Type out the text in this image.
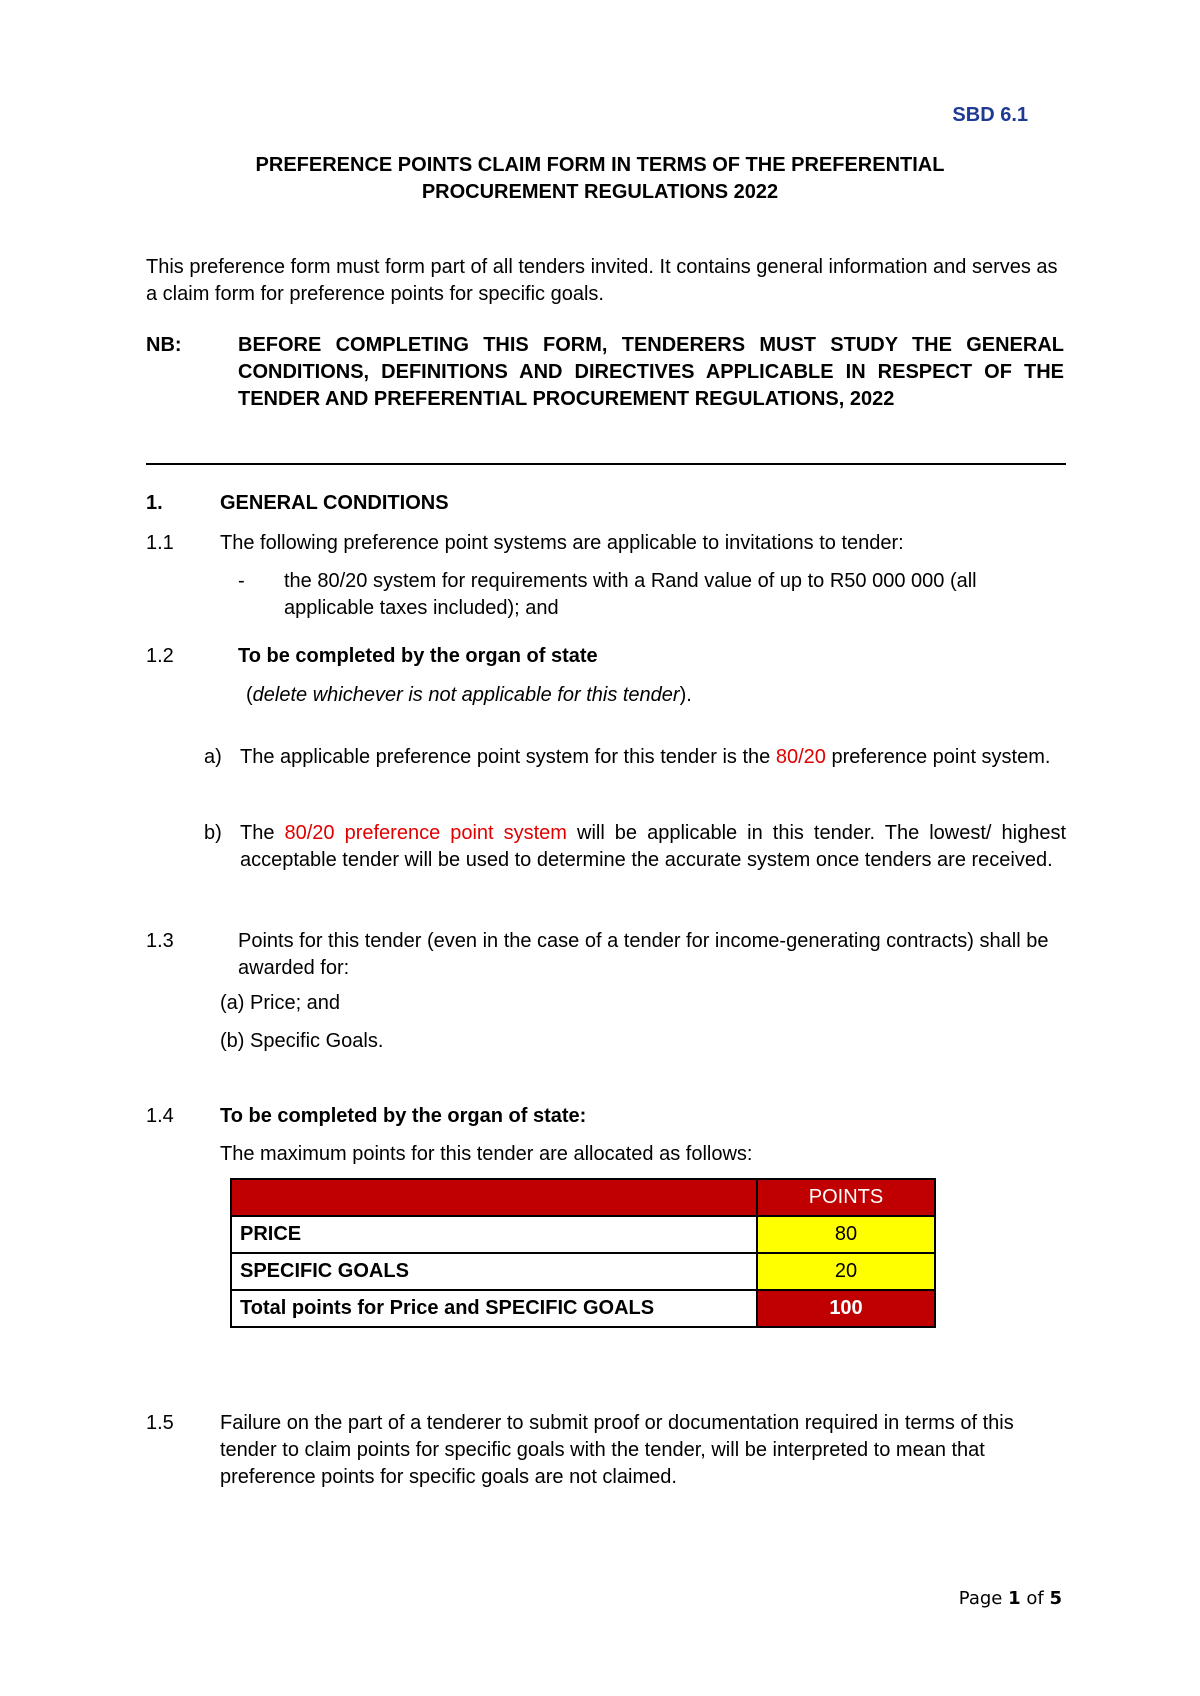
SBD 6.1
PREFERENCE POINTS CLAIM FORM IN TERMS OF THE PREFERENTIAL
PROCUREMENT REGULATIONS 2022
This preference form must form part of all tenders invited. It contains general information and serves as a claim form for preference points for specific goals.
NB:	BEFORE COMPLETING THIS FORM, TENDERERS MUST STUDY THE GENERAL CONDITIONS, DEFINITIONS AND DIRECTIVES APPLICABLE IN RESPECT OF THE TENDER AND PREFERENTIAL PROCUREMENT REGULATIONS, 2022
1.	GENERAL CONDITIONS
1.1 The following preference point systems are applicable to invitations to tender:
- the 80/20 system for requirements with a Rand value of up to R50 000 000 (all applicable taxes included); and
1.2	To be completed by the organ of state
(delete whichever is not applicable for this tender).
a) The applicable preference point system for this tender is the 80/20 preference point system.
b) The 80/20 preference point system will be applicable in this tender. The lowest/ highest acceptable tender will be used to determine the accurate system once tenders are received.
1.3	Points for this tender (even in the case of a tender for income-generating contracts) shall be awarded for:
(a) Price; and
(b) Specific Goals.
1.4 To be completed by the organ of state:
The maximum points for this tender are allocated as follows:
	POINTS
PRICE	80
SPECIFIC GOALS	20
Total points for Price and SPECIFIC GOALS	100
1.5 Failure on the part of a tenderer to submit proof or documentation required in terms of this tender to claim points for specific goals with the tender, will be interpreted to mean that preference points for specific goals are not claimed.
Page 1 of 5
